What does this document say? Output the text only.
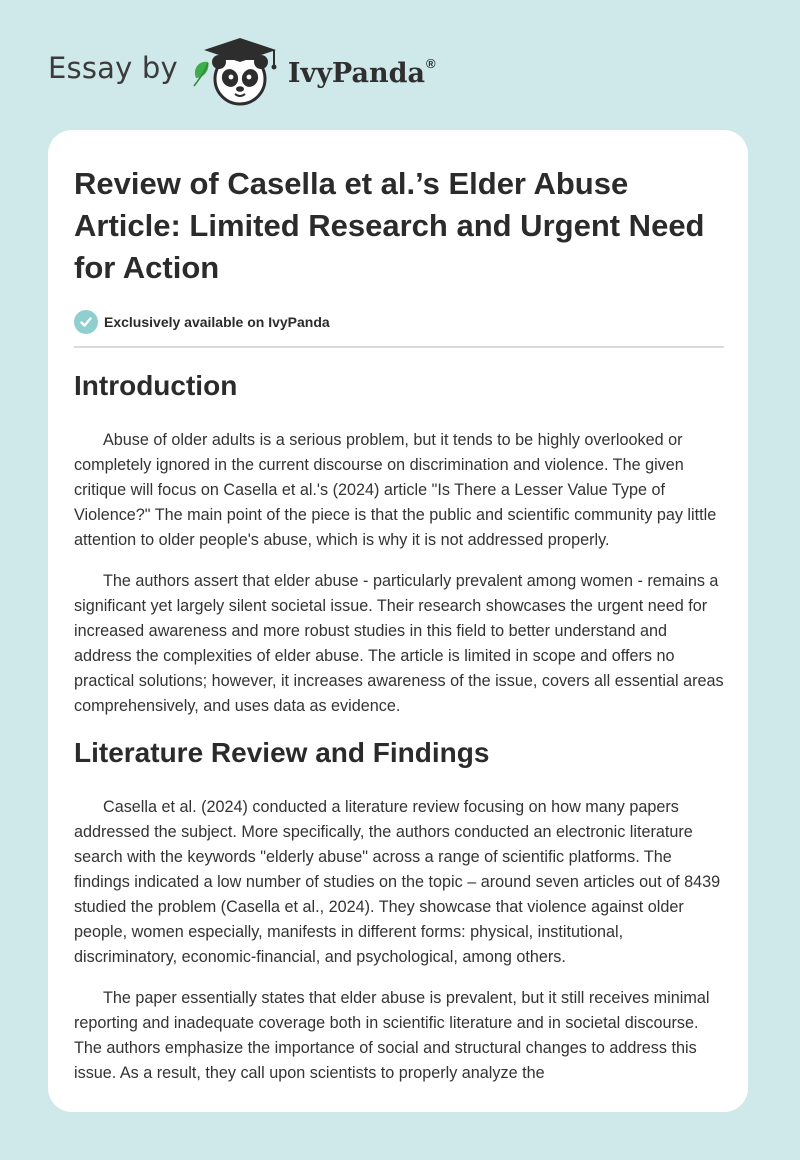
Essay by	IvyPanda®
Review of Casella et al.’s Elder Abuse Article: Limited Research and Urgent Need for Action
Exclusively available on IvyPanda
Introduction

Abuse of older adults is a serious problem, but it tends to be highly overlooked or completely ignored in the current discourse on discrimination and violence. The given critique will focus on Casella et al.'s (2024) article "Is There a Lesser Value Type of Violence?" The main point of the piece is that the public and scientific community pay little attention to older people's abuse, which is why it is not addressed properly.

The authors assert that elder abuse - particularly prevalent among women - remains a significant yet largely silent societal issue. Their research showcases the urgent need for increased awareness and more robust studies in this field to better understand and address the complexities of elder abuse. The article is limited in scope and offers no practical solutions; however, it increases awareness of the issue, covers all essential areas comprehensively, and uses data as evidence.

Literature Review and Findings

Casella et al. (2024) conducted a literature review focusing on how many papers addressed the subject. More specifically, the authors conducted an electronic literature search with the keywords "elderly abuse" across a range of scientific platforms. The findings indicated a low number of studies on the topic – around seven articles out of 8439 studied the problem (Casella et al., 2024). They showcase that violence against older people, women especially, manifests in different forms: physical, institutional, discriminatory, economic-financial, and psychological, among others.

The paper essentially states that elder abuse is prevalent, but it still receives minimal reporting and inadequate coverage both in scientific literature and in societal discourse. The authors emphasize the importance of social and structural changes to address this issue. As a result, they call upon scientists to properly analyze the
